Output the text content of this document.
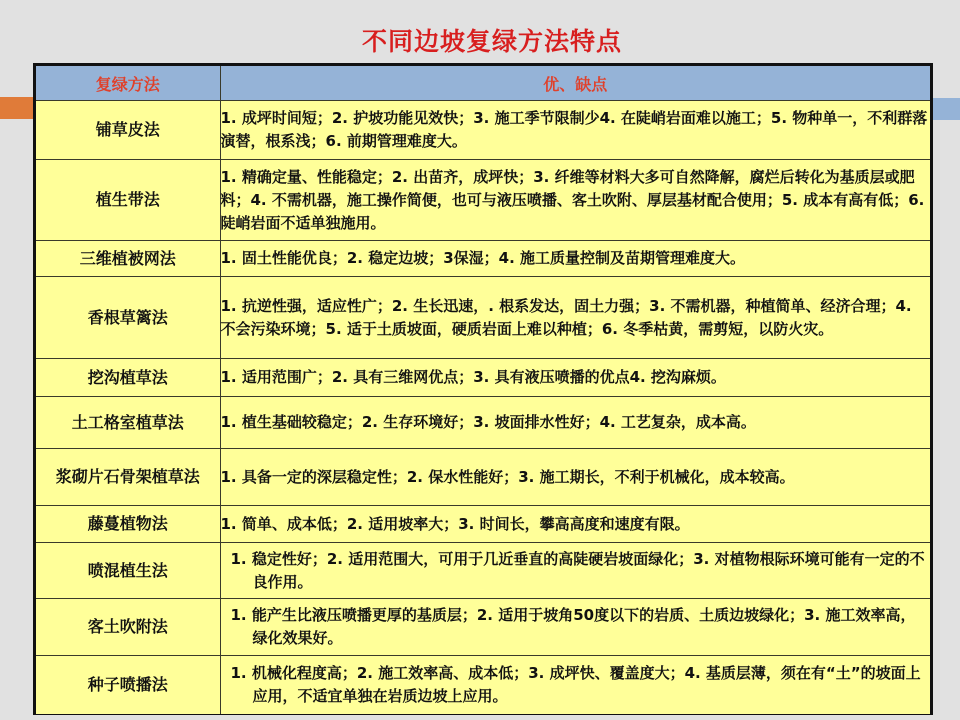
不同边坡复绿方法特点
复绿方法	优、缺点
铺草皮法	1. 成坪时间短；2. 护坡功能见效快；3. 施工季节限制少4. 在陡峭岩面难以施工；5. 物种单一，不利群落演替，根系浅；6. 前期管理难度大。
植生带法	1. 精确定量、性能稳定；2. 出苗齐，成坪快；3. 纤维等材料大多可自然降解，腐烂后转化为基质层或肥料；4. 不需机器，施工操作简便，也可与液压喷播、客土吹附、厚层基材配合使用；5. 成本有高有低；6. 陡峭岩面不适单独施用。
三维植被网法	1. 固土性能优良；2. 稳定边坡；3保湿；4. 施工质量控制及苗期管理难度大。
香根草篱法	1. 抗逆性强，适应性广；2. 生长迅速，. 根系发达，固土力强；3. 不需机器，种植简单、经济合理；4. 不会污染环境；5. 适于土质坡面，硬质岩面上难以种植；6. 冬季枯黄，需剪短，以防火灾。
挖沟植草法	1. 适用范围广；2. 具有三维网优点；3. 具有液压喷播的优点4. 挖沟麻烦。
土工格室植草法	1. 植生基础较稳定；2. 生存环境好；3. 坡面排水性好；4. 工艺复杂，成本高。
浆砌片石骨架植草法	1. 具备一定的深层稳定性；2. 保水性能好；3. 施工期长，不利于机械化，成本较高。
藤蔓植物法	1. 简单、成本低；2. 适用坡率大；3. 时间长，攀高高度和速度有限。
喷混植生法	1. 稳定性好；2. 适用范围大，可用于几近垂直的高陡硬岩坡面绿化；3. 对植物根际环境可能有一定的不良作用。

客土吹附法	1. 能产生比液压喷播更厚的基质层；2. 适用于坡角50度以下的岩质、土质边坡绿化；3. 施工效率高，绿化效果好。

种子喷播法	1. 机械化程度高；2. 施工效率高、成本低；3. 成坪快、覆盖度大；4. 基质层薄，须在有“土”的坡面上应用，不适宜单独在岩质边坡上应用。
